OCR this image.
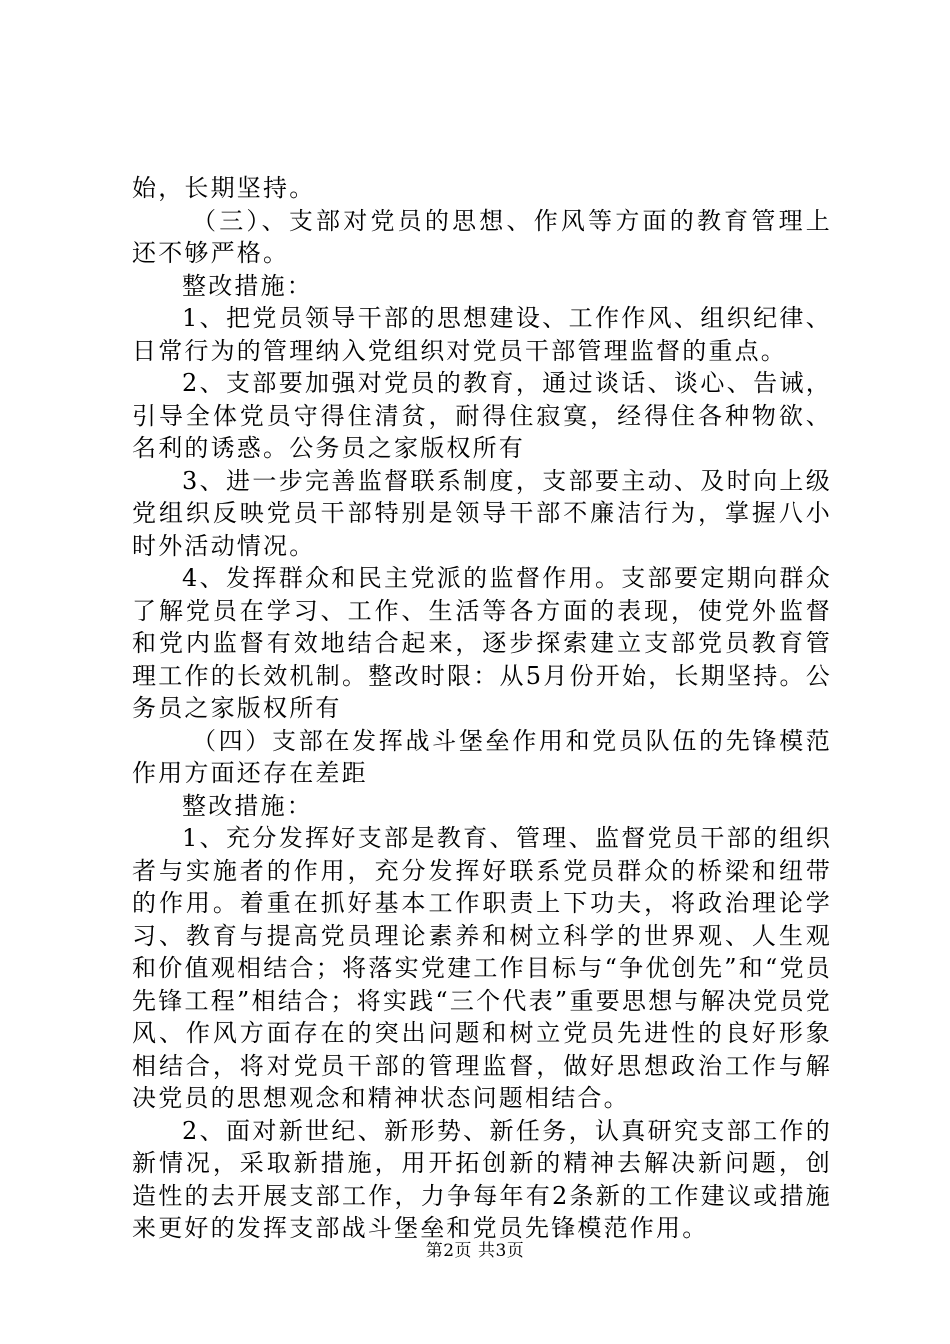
始，长期坚持。

（三）、支部对党员的思想、作风等方面的教育管理上还不够严格。

整改措施：

1、把党员领导干部的思想建设、工作作风、组织纪律、日常行为的管理纳入党组织对党员干部管理监督的重点。

2、支部要加强对党员的教育，通过谈话、谈心、告诫，引导全体党员守得住清贫，耐得住寂寞，经得住各种物欲、名利的诱惑。公务员之家版权所有

3、进一步完善监督联系制度，支部要主动、及时向上级党组织反映党员干部特别是领导干部不廉洁行为，掌握八小时外活动情况。

4、发挥群众和民主党派的监督作用。支部要定期向群众了解党员在学习、工作、生活等各方面的表现，使党外监督和党内监督有效地结合起来，逐步探索建立支部党员教育管理工作的长效机制。整改时限：从5月份开始，长期坚持。公务员之家版权所有

（四）支部在发挥战斗堡垒作用和党员队伍的先锋模范作用方面还存在差距

整改措施：

1、充分发挥好支部是教育、管理、监督党员干部的组织者与实施者的作用，充分发挥好联系党员群众的桥梁和纽带的作用。着重在抓好基本工作职责上下功夫，将政治理论学习、教育与提高党员理论素养和树立科学的世界观、人生观和价值观相结合；将落实党建工作目标与“争优创先”和“党员先锋工程”相结合；将实践“三个代表”重要思想与解决党员党风、作风方面存在的突出问题和树立党员先进性的良好形象相结合，将对党员干部的管理监督，做好思想政治工作与解决党员的思想观念和精神状态问题相结合。

2、面对新世纪、新形势、新任务，认真研究支部工作的新情况，采取新措施，用开拓创新的精神去解决新问题，创造性的去开展支部工作，力争每年有2条新的工作建议或措施来更好的发挥支部战斗堡垒和党员先锋模范作用。

第2页 共3页
